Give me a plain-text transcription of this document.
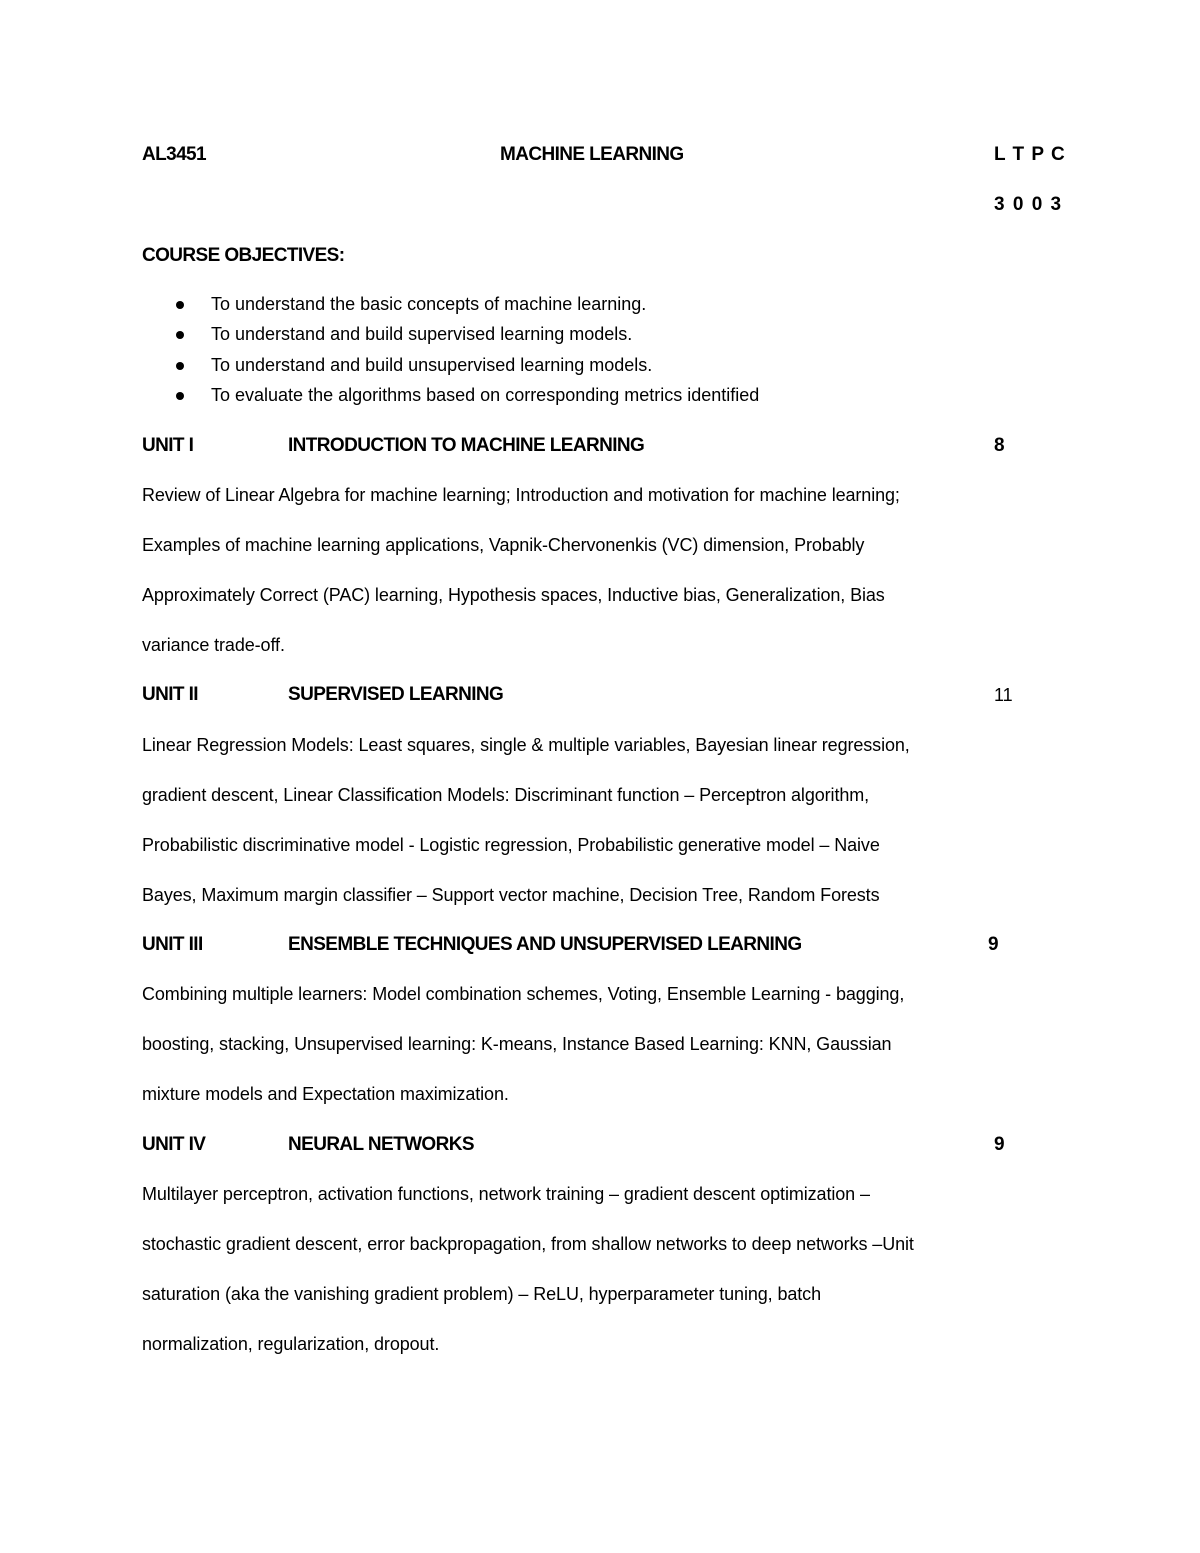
AL3451	MACHINE LEARNING	L T P C
3 0 0 3
COURSE OBJECTIVES:
To understand the basic concepts of machine learning.
To understand and build supervised learning models.
To understand and build unsupervised learning models.
To evaluate the algorithms based on corresponding metrics identified
UNIT I	INTRODUCTION TO MACHINE LEARNING	8
Review of Linear Algebra for machine learning; Introduction and motivation for machine learning;
Examples of machine learning applications, Vapnik-Chervonenkis (VC) dimension, Probably
Approximately Correct (PAC) learning, Hypothesis spaces, Inductive bias, Generalization, Bias
variance trade-off.
UNIT II	SUPERVISED LEARNING	11
Linear Regression Models: Least squares, single & multiple variables, Bayesian linear regression,
gradient descent, Linear Classification Models: Discriminant function – Perceptron algorithm,
Probabilistic discriminative model - Logistic regression, Probabilistic generative model – Naive
Bayes, Maximum margin classifier – Support vector machine, Decision Tree, Random Forests
UNIT III	ENSEMBLE TECHNIQUES AND UNSUPERVISED LEARNING	9
Combining multiple learners: Model combination schemes, Voting, Ensemble Learning - bagging,
boosting, stacking, Unsupervised learning: K-means, Instance Based Learning: KNN, Gaussian
mixture models and Expectation maximization.
UNIT IV	NEURAL NETWORKS	9
Multilayer perceptron, activation functions, network training – gradient descent optimization –
stochastic gradient descent, error backpropagation, from shallow networks to deep networks –Unit
saturation (aka the vanishing gradient problem) – ReLU, hyperparameter tuning, batch
normalization, regularization, dropout.
